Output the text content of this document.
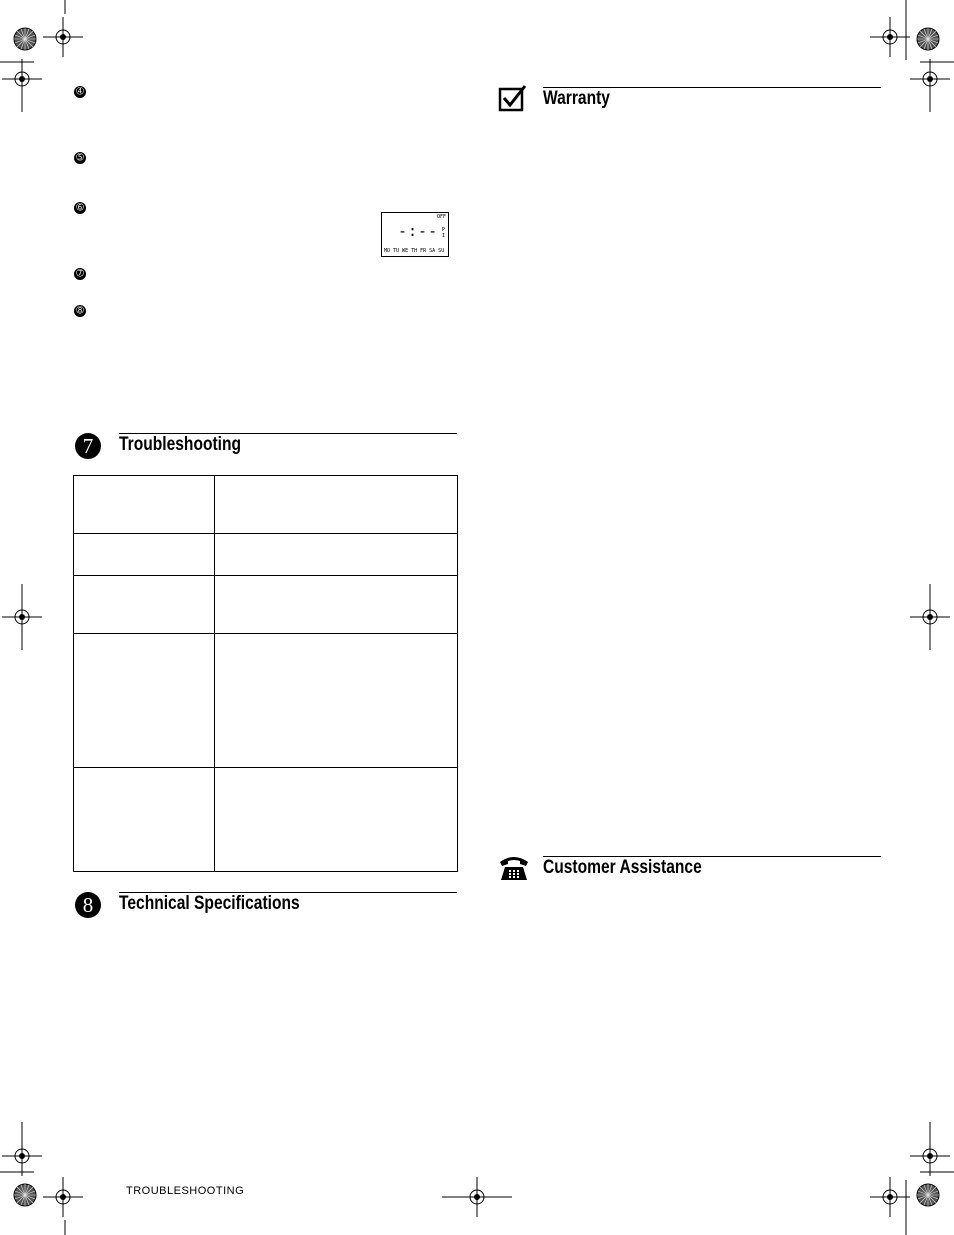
➃
➄
➅
➆
➇
OFF
P
I
-:--
MO TU WE TH FR SA SU
7	Troubleshooting

8	Technical Specifications
Warranty
Customer Assistance
TROUBLESHOOTING
